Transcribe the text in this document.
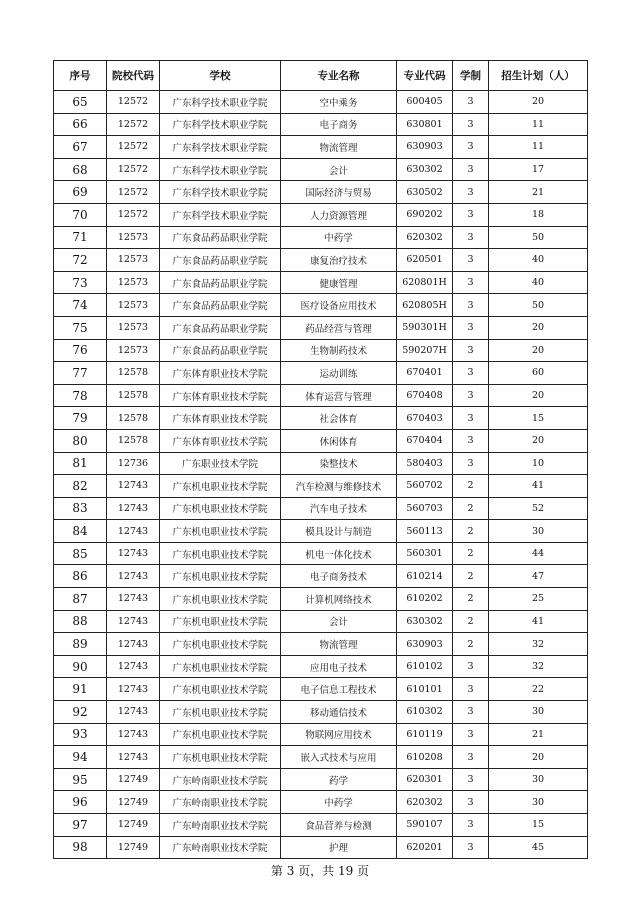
序号	院校代码	学校	专业名称	专业代码	学制	招生计划（人）
65	12572	广东科学技术职业学院	空中乘务	600405	3	20
66	12572	广东科学技术职业学院	电子商务	630801	3	11
67	12572	广东科学技术职业学院	物流管理	630903	3	11
68	12572	广东科学技术职业学院	会计	630302	3	17
69	12572	广东科学技术职业学院	国际经济与贸易	630502	3	21
70	12572	广东科学技术职业学院	人力资源管理	690202	3	18
71	12573	广东食品药品职业学院	中药学	620302	3	50
72	12573	广东食品药品职业学院	康复治疗技术	620501	3	40
73	12573	广东食品药品职业学院	健康管理	620801H	3	40
74	12573	广东食品药品职业学院	医疗设备应用技术	620805H	3	50
75	12573	广东食品药品职业学院	药品经营与管理	590301H	3	20
76	12573	广东食品药品职业学院	生物制药技术	590207H	3	20
77	12578	广东体育职业技术学院	运动训练	670401	3	60
78	12578	广东体育职业技术学院	体育运营与管理	670408	3	20
79	12578	广东体育职业技术学院	社会体育	670403	3	15
80	12578	广东体育职业技术学院	休闲体育	670404	3	20
81	12736	广东职业技术学院	染整技术	580403	3	10
82	12743	广东机电职业技术学院	汽车检测与维修技术	560702	2	41
83	12743	广东机电职业技术学院	汽车电子技术	560703	2	52
84	12743	广东机电职业技术学院	模具设计与制造	560113	2	30
85	12743	广东机电职业技术学院	机电一体化技术	560301	2	44
86	12743	广东机电职业技术学院	电子商务技术	610214	2	47
87	12743	广东机电职业技术学院	计算机网络技术	610202	2	25
88	12743	广东机电职业技术学院	会计	630302	2	41
89	12743	广东机电职业技术学院	物流管理	630903	2	32
90	12743	广东机电职业技术学院	应用电子技术	610102	3	32
91	12743	广东机电职业技术学院	电子信息工程技术	610101	3	22
92	12743	广东机电职业技术学院	移动通信技术	610302	3	30
93	12743	广东机电职业技术学院	物联网应用技术	610119	3	21
94	12743	广东机电职业技术学院	嵌入式技术与应用	610208	3	20
95	12749	广东岭南职业技术学院	药学	620301	3	30
96	12749	广东岭南职业技术学院	中药学	620302	3	30
97	12749	广东岭南职业技术学院	食品营养与检测	590107	3	15
98	12749	广东岭南职业技术学院	护理	620201	3	45
第 3 页，共 19 页
